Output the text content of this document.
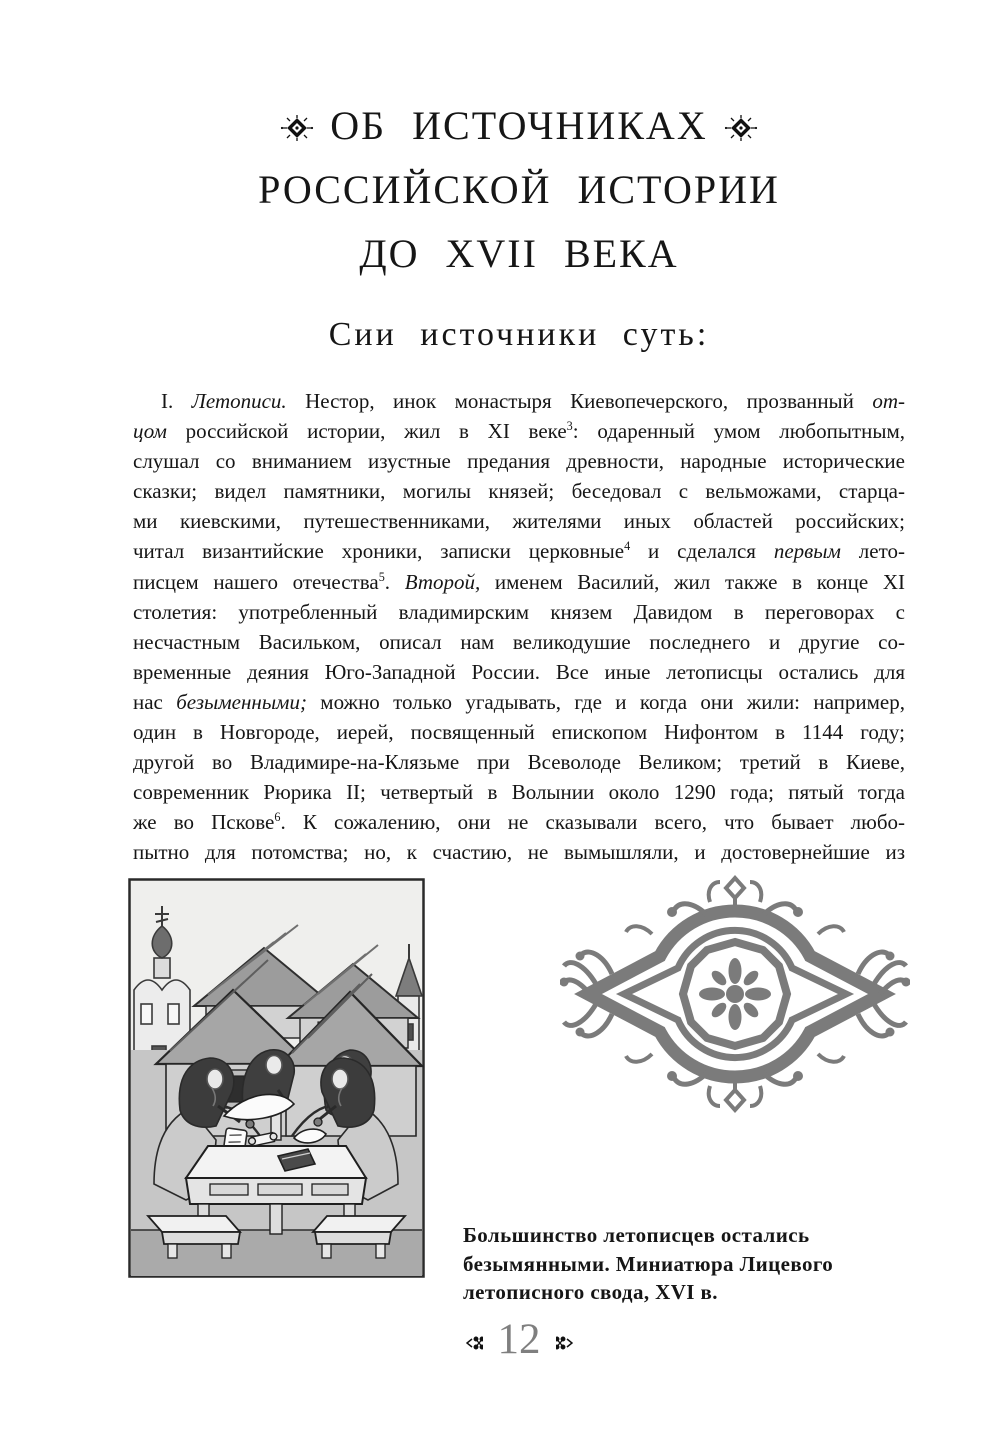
ОБ ИСТОЧНИКАХ
РОССИЙСКОЙ ИСТОРИИ
ДО XVII ВЕКА
Сии источники суть:
I. Летописи. Нестор, инок монастыря Киевопечерского, прозванный от-
цом российской истории, жил в XI веке$^3$: одаренный умом любопытным,
слушал со вниманием изустные предания древности, народные исторические
сказки; видел памятники, могилы князей; беседовал с вельможами, старца-
ми киевскими, путешественниками, жителями иных областей российских;
читал византийские хроники, записки церковные$^4$ и сделался первым лето-
писцем нашего отечества$^5$. Второй, именем Василий, жил также в конце XI
столетия: употребленный владимирским князем Давидом в переговорах с
несчастным Васильком, описал нам великодушие последнего и другие со-
временные деяния Юго-Западной России. Все иные летописцы остались для
нас безыменными; можно только угадывать, где и когда они жили: например,
один в Новгороде, иерей, посвященный епископом Нифонтом в 1144 году;
другой во Владимире-на-Клязьме при Всеволоде Великом; третий в Киеве,
современник Рюрика II; четвертый в Волынии около 1290 года; пятый тогда
же во Пскове$^6$. К сожалению, они не сказывали всего, что бывает любо-
пытно для потомства; но, к счастию, не вымышляли, и достовернейшие из
Большинство летописцев остались
безымянными. Миниатюра Лицевого
летописного свода, XVI в.
12
